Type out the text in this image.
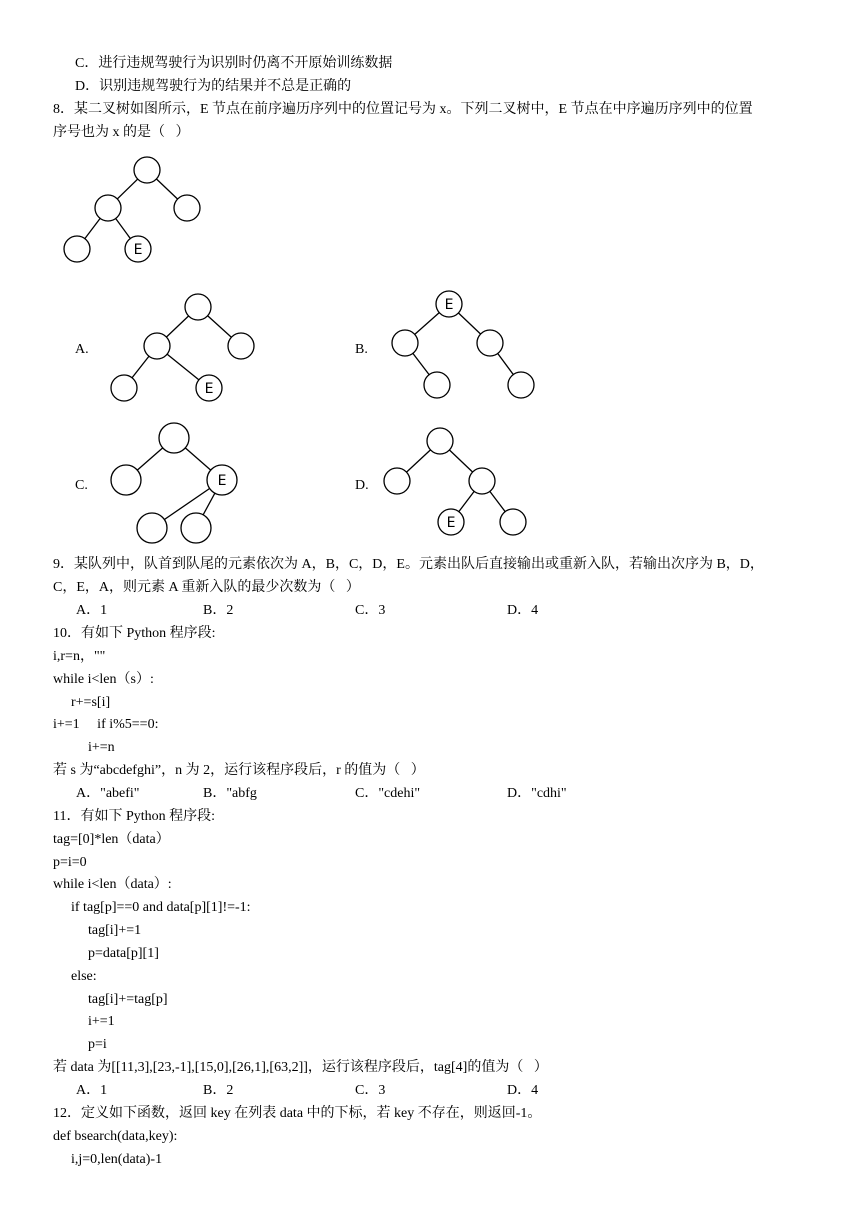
C．进行违规驾驶行为识别时仍离不开原始训练数据
D．识别违规驾驶行为的结果并不总是正确的
8．某二叉树如图所示，E 节点在前序遍历序列中的位置记号为 x。下列二叉树中，E 节点在中序遍历序列中的位置
序号也为 x 的是（   ）
E
E
E
E
E
A.	B.
C.	D.
9．某队列中，队首到队尾的元素依次为 A，B，C，D，E。元素出队后直接输出或重新入队，若输出次序为 B，D，
C，E，A，则元素 A 重新入队的最少次数为（   ）
A．1	B．2	C．3	D．4
10．有如下 Python 程序段:
i,r=n，""
while i<len（s）:
r+=s[i]
i+=1     if i%5==0:
i+=n
若 s 为“abcdefghi”，n 为 2，运行该程序段后，r 的值为（   ）
A．"abefi"	B．"abfg	C．"cdehi"	D．"cdhi"
11．有如下 Python 程序段:
tag=[0]*len（data）
p=i=0
while i<len（data）:
if tag[p]==0 and data[p][1]!=-1:
tag[i]+=1
p=data[p][1]
else:
tag[i]+=tag[p]
i+=1
p=i
若 data 为[[11,3],[23,-1],[15,0],[26,1],[63,2]]，运行该程序段后，tag[4]的值为（   ）
A．1	B．2	C．3	D．4
12．定义如下函数，返回 key 在列表 data 中的下标，若 key 不存在，则返回-1。
def bsearch(data,key):
i,j=0,len(data)-1
